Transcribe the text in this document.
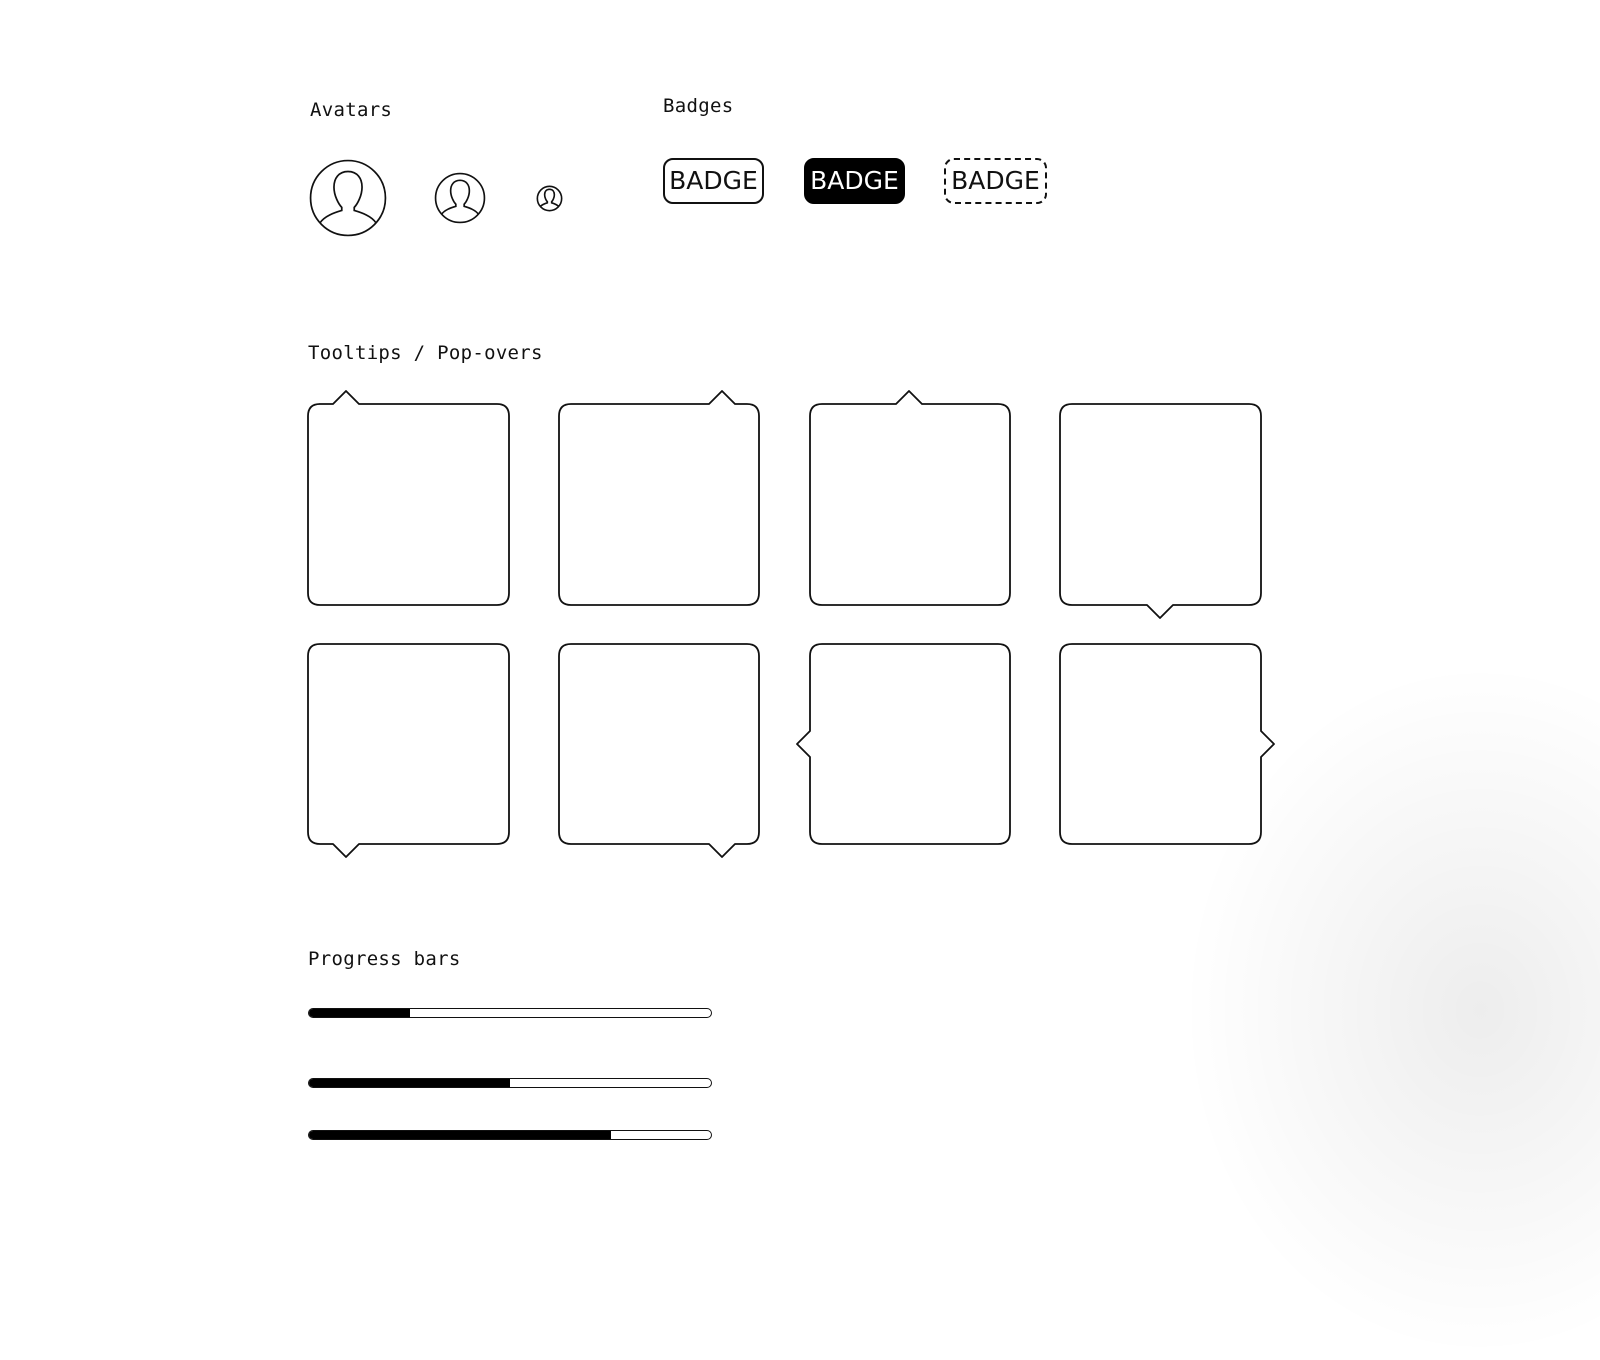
Avatars	Badges
BADGE BADGE BADGE
Tooltips / Pop-overs
Progress bars
